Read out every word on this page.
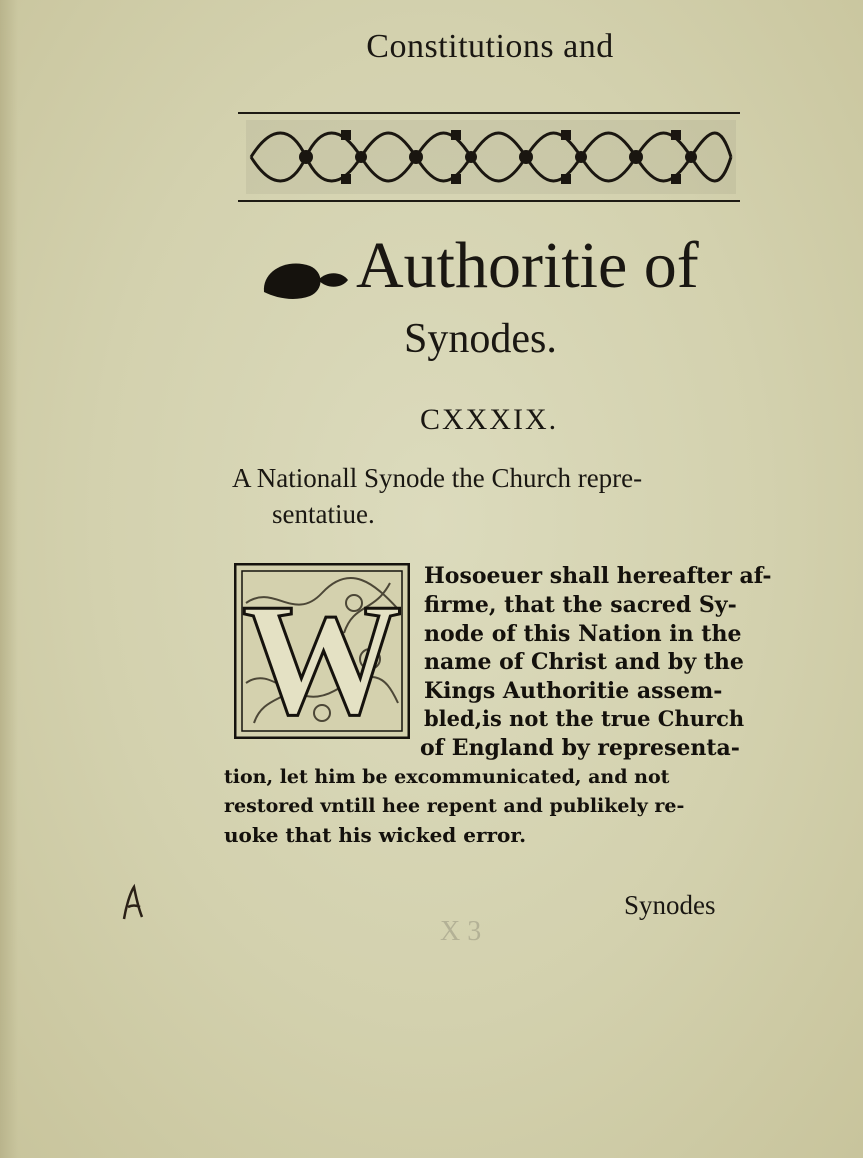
Constitutions and
Authoritie of
Synodes.
CXXXIX.
A Nationall Synode the Church repre-
sentatiue.
W Hosoeuer shall hereafter af-
firme, that the sacred Sy-
node of this Nation in the
name of Christ and by the
Kings Authoritie assem-
bled,is not the true Church
of England by representa-
tion, let him be excommunicated, and not
restored vntill hee repent and publikely re-
uoke that his wicked error.
Synodes
X 3
